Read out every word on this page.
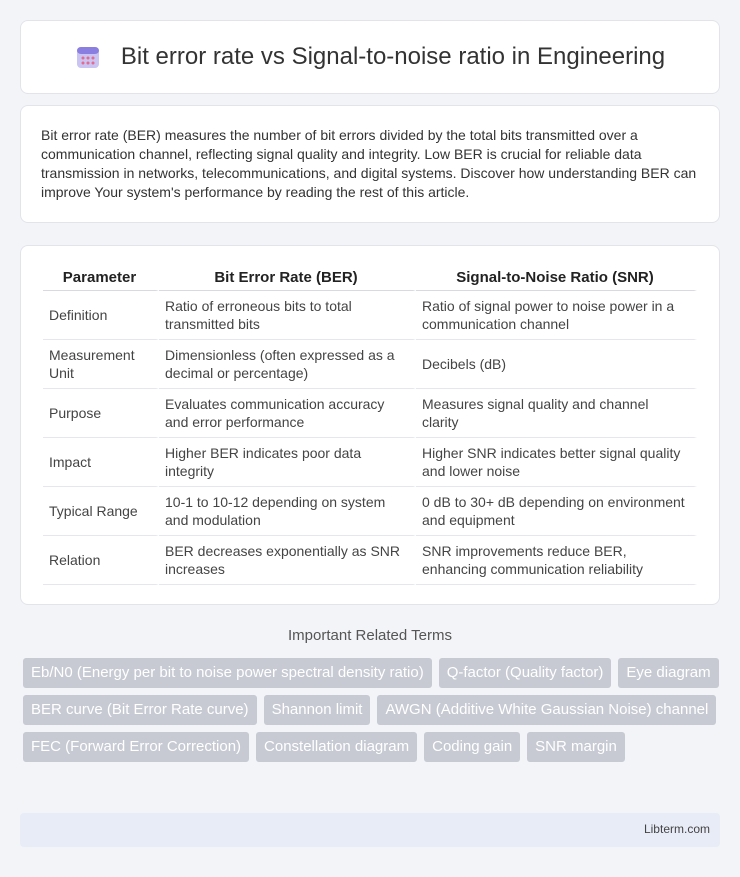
Bit error rate vs Signal-to-noise ratio in Engineering

Bit error rate (BER) measures the number of bit errors divided by the total bits transmitted over a communication channel, reflecting signal quality and integrity. Low BER is crucial for reliable data transmission in networks, telecommunications, and digital systems. Discover how understanding BER can improve Your system's performance by reading the rest of this article.

Parameter	Bit Error Rate (BER)	Signal-to-Noise Ratio (SNR)
Definition	Ratio of erroneous bits to total transmitted bits	Ratio of signal power to noise power in a communication channel
Measurement Unit	Dimensionless (often expressed as a decimal or percentage)	Decibels (dB)
Purpose	Evaluates communication accuracy and error performance	Measures signal quality and channel clarity
Impact	Higher BER indicates poor data integrity	Higher SNR indicates better signal quality and lower noise
Typical Range	10-1 to 10-12 depending on system and modulation	0 dB to 30+ dB depending on environment and equipment
Relation	BER decreases exponentially as SNR increases	SNR improvements reduce BER, enhancing communication reliability
Important Related Terms
Eb/N0 (Energy per bit to noise power spectral density ratio)	Q-factor (Quality factor)	Eye diagram
BER curve (Bit Error Rate curve)	Shannon limit	AWGN (Additive White Gaussian Noise) channel
FEC (Forward Error Correction)	Constellation diagram	Coding gain	SNR margin
Libterm.com
